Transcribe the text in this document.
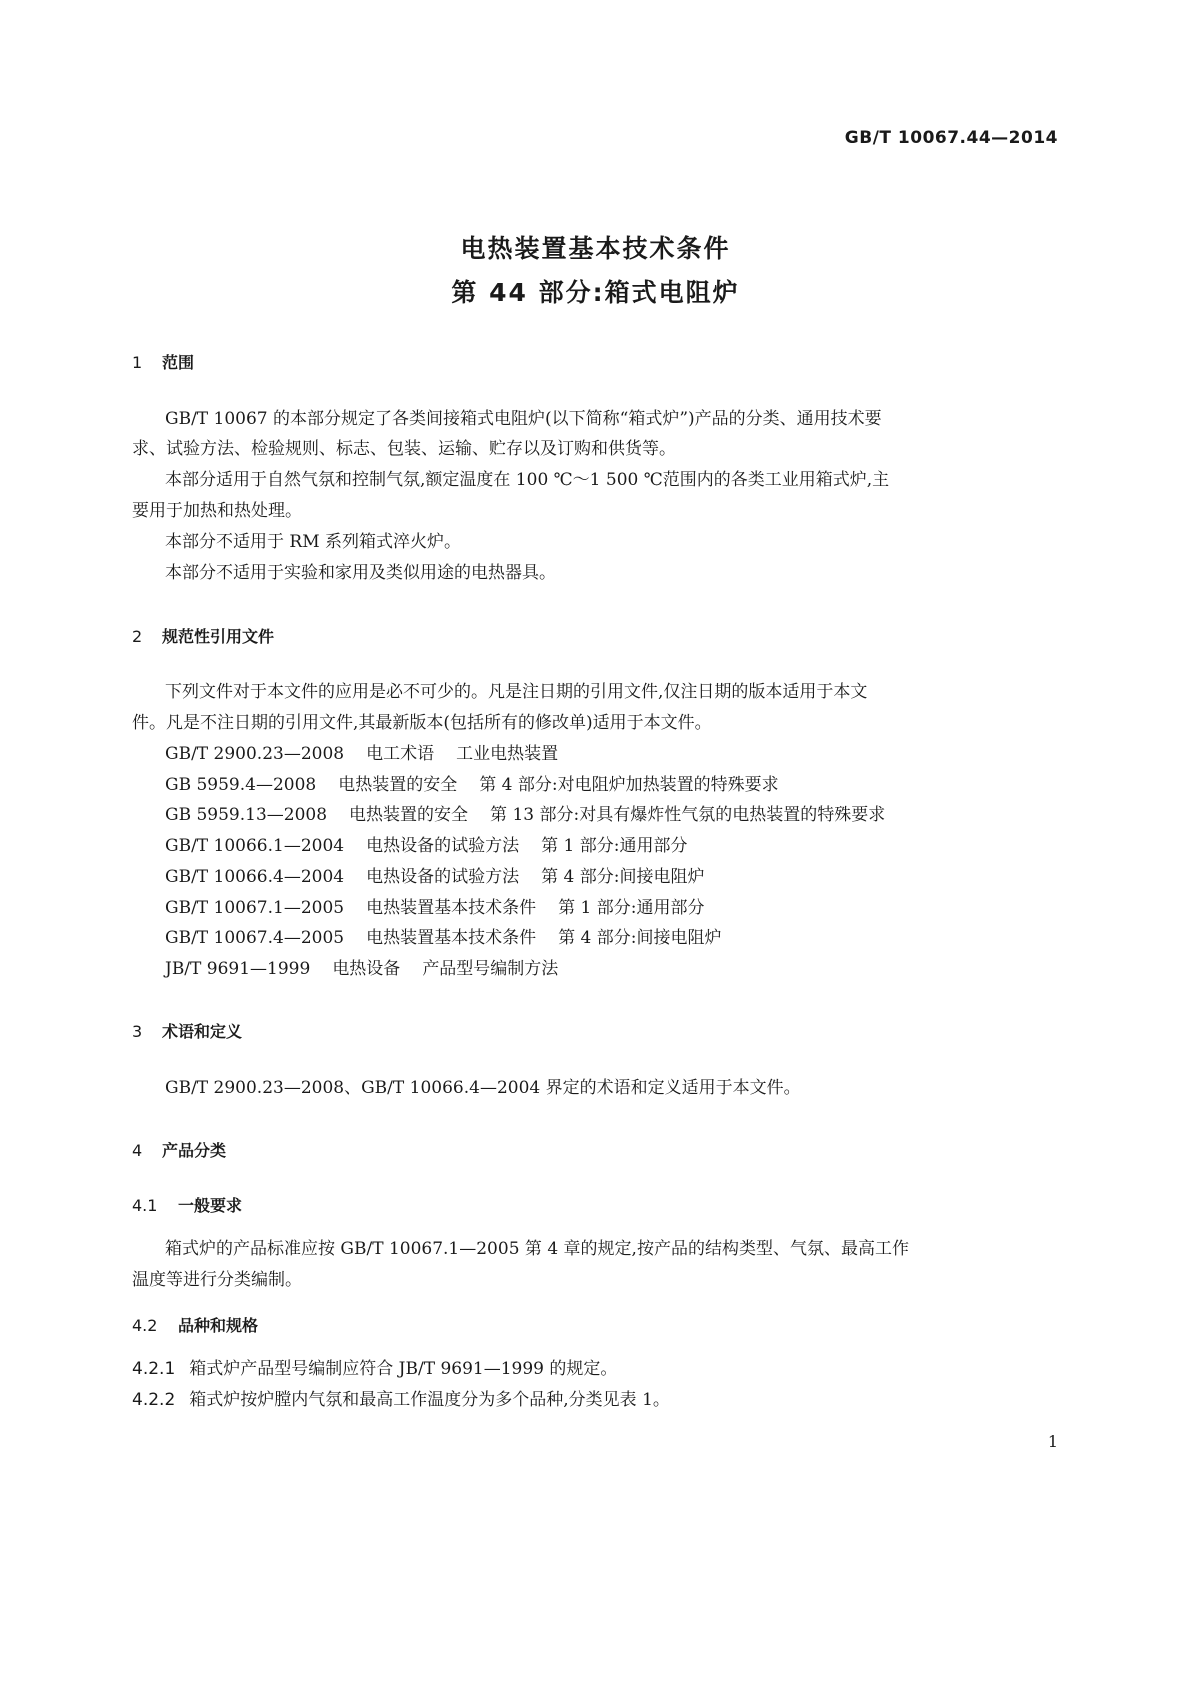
GB/T 10067.44—2014
电热装置基本技术条件
第 44 部分:箱式电阻炉
1 范围
GB/T 10067 的本部分规定了各类间接箱式电阻炉(以下简称“箱式炉”)产品的分类、通用技术要
求、试验方法、检验规则、标志、包装、运输、贮存以及订购和供货等。
本部分适用于自然气氛和控制气氛,额定温度在 100 ℃～1 500 ℃范围内的各类工业用箱式炉,主
要用于加热和热处理。
本部分不适用于 RM 系列箱式淬火炉。
本部分不适用于实验和家用及类似用途的电热器具。
2 规范性引用文件
下列文件对于本文件的应用是必不可少的。凡是注日期的引用文件,仅注日期的版本适用于本文
件。凡是不注日期的引用文件,其最新版本(包括所有的修改单)适用于本文件。
GB/T 2900.23—2008 电工术语 工业电热装置
GB 5959.4—2008 电热装置的安全 第 4 部分:对电阻炉加热装置的特殊要求
GB 5959.13—2008 电热装置的安全 第 13 部分:对具有爆炸性气氛的电热装置的特殊要求
GB/T 10066.1—2004 电热设备的试验方法 第 1 部分:通用部分
GB/T 10066.4—2004 电热设备的试验方法 第 4 部分:间接电阻炉
GB/T 10067.1—2005 电热装置基本技术条件 第 1 部分:通用部分
GB/T 10067.4—2005 电热装置基本技术条件 第 4 部分:间接电阻炉
JB/T 9691—1999 电热设备 产品型号编制方法
3 术语和定义
GB/T 2900.23—2008、GB/T 10066.4—2004 界定的术语和定义适用于本文件。
4 产品分类
4.1 一般要求
箱式炉的产品标准应按 GB/T 10067.1—2005 第 4 章的规定,按产品的结构类型、气氛、最高工作
温度等进行分类编制。
4.2 品种和规格
4.2.1 箱式炉产品型号编制应符合 JB/T 9691—1999 的规定。
4.2.2 箱式炉按炉膛内气氛和最高工作温度分为多个品种,分类见表 1。
1
